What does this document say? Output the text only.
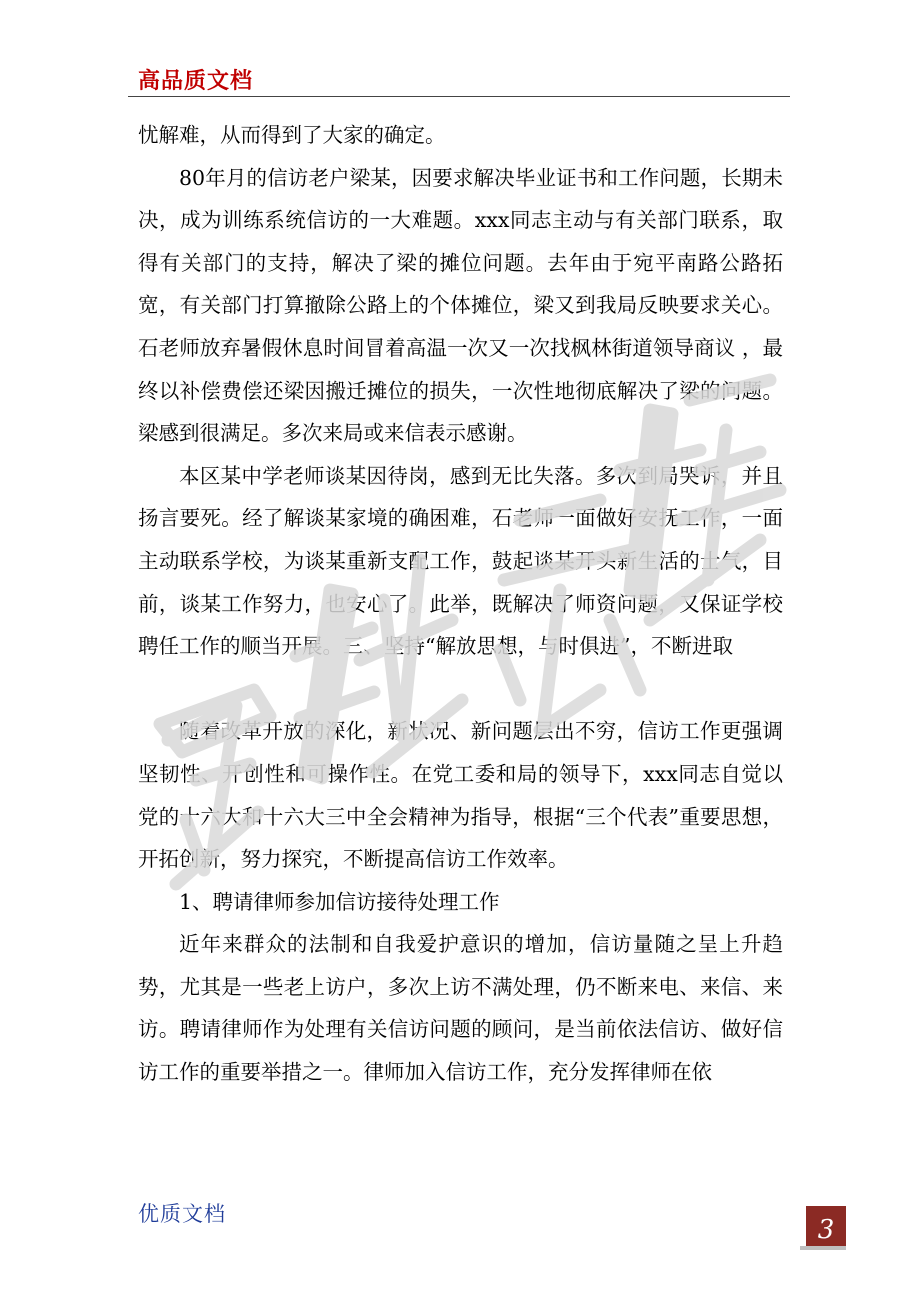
高品质文档

忧解难，从而得到了大家的确定。

80年月的信访老户梁某，因要求解决毕业证书和工作问题，长期未决，成为训练系统信访的一大难题。xxx同志主动与有关部门联系，取得有关部门的支持，解决了梁的摊位问题。去年由于宛平南路公路拓宽，有关部门打算撤除公路上的个体摊位，梁又到我局反映要求关心。石老师放弃暑假休息时间冒着高温一次又一次找枫林街道领导商议 ，最终以补偿费偿还梁因搬迁摊位的损失，一次性地彻底解决了梁的问题。梁感到很满足。多次来局或来信表示感谢。

本区某中学老师谈某因待岗，感到无比失落。多次到局哭诉，并且扬言要死。经了解谈某家境的确困难，石老师一面做好安抚工作，一面主动联系学校，为谈某重新支配工作，鼓起谈某开头新生活的士气，目前，谈某工作努力，也安心了。此举，既解决了师资问题，又保证学校聘任工作的顺当开展。三、坚持“解放思想，与时俱进”，不断进取

随着改革开放的深化，新状况、新问题层出不穷，信访工作更强调坚韧性、开创性和可操作性。在党工委和局的领导下，xxx同志自觉以党的十六大和十六大三中全会精神为指导，根据“三个代表”重要思想，开拓创新，努力探究，不断提高信访工作效率。

1、聘请律师参加信访接待处理工作

近年来群众的法制和自我爱护意识的增加，信访量随之呈上升趋势，尤其是一些老上访户，多次上访不满处理，仍不断来电、来信、来访。聘请律师作为处理有关信访问题的顾问，是当前依法信访、做好信访工作的重要举措之一。律师加入信访工作，充分发挥律师在依

优质文档
3
